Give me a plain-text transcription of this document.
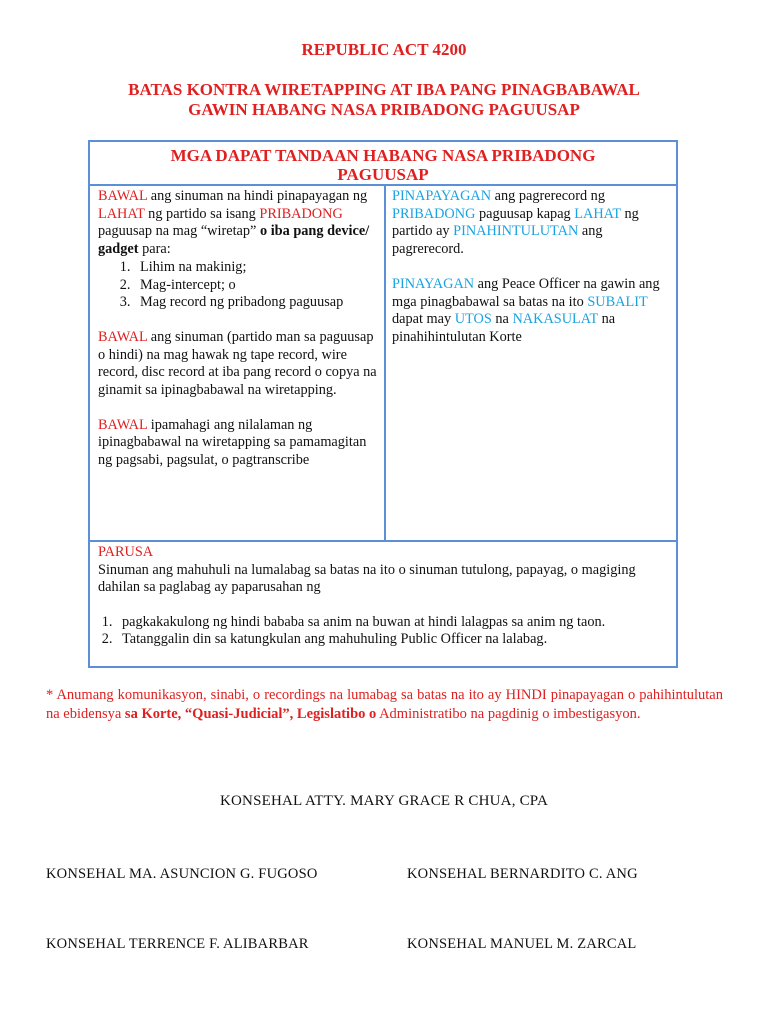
REPUBLIC ACT 4200
BATAS KONTRA WIRETAPPING AT IBA PANG PINAGBABAWAL
GAWIN HABANG NASA PRIBADONG PAGUUSAP
MGA DAPAT TANDAAN HABANG NASA PRIBADONG
PAGUUSAP

BAWAL ang sinuman na hindi pinapayagan ng LAHAT ng partido sa isang PRIBADONG paguusap na mag “wiretap” o iba pang device/ gadget para:

1. Lihim na makinig;
2. Mag-intercept; o
3. Mag record ng pribadong paguusap

BAWAL ang sinuman (partido man sa paguusap o hindi) na mag hawak ng tape record, wire record, disc record at iba pang record o copya na ginamit sa ipinagbabawal na wiretapping.

BAWAL ipamahagi ang nilalaman ng ipinagbabawal na wiretapping sa pamamagitan ng pagsabi, pagsulat, o pagtranscribe

PINAPAYAGAN ang pagrerecord ng PRIBADONG paguusap kapag LAHAT ng partido ay PINAHINTULUTAN ang pagrerecord.

PINAYAGAN ang Peace Officer na gawin ang mga pinagbabawal sa batas na ito SUBALIT dapat may UTOS na NAKASULAT na pinahihintulutan Korte

PARUSA

Sinuman ang mahuhuli na lumalabag sa batas na ito o sinuman tutulong, papayag, o magiging dahilan sa paglabag ay paparusahan ng

1. pagkakakulong ng hindi bababa sa anim na buwan at hindi lalagpas sa anim ng taon.
2. Tatanggalin din sa katungkulan ang mahuhuling Public Officer na lalabag.
* Anumang komunikasyon, sinabi, o recordings na lumabag sa batas na ito ay HINDI pinapayagan o pahihintulutan na ebidensya sa Korte, “Quasi-Judicial”, Legislatibo o Administratibo na pagdinig o imbestigasyon.
KONSEHAL ATTY. MARY GRACE R CHUA, CPA
KONSEHAL MA. ASUNCION G. FUGOSO	KONSEHAL BERNARDITO C. ANG
KONSEHAL TERRENCE F. ALIBARBAR	KONSEHAL MANUEL M. ZARCAL
